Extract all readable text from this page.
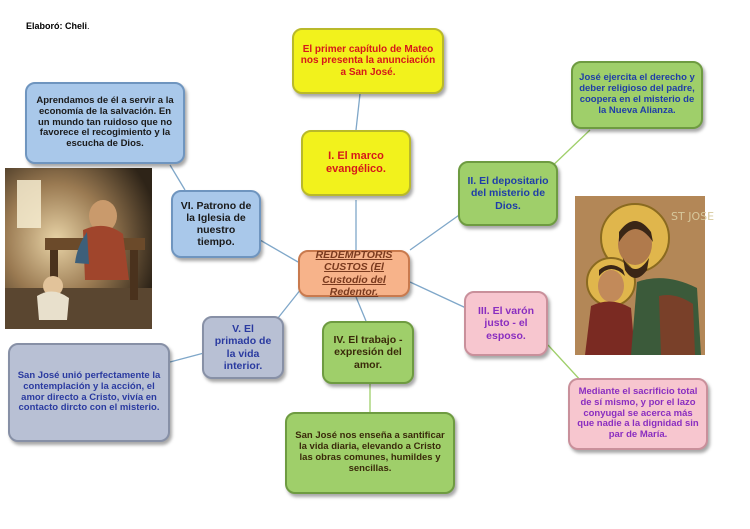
Elaboró: Cheli.
ST JOSE
REDEMPTORIS CUSTOS (El Custodio del Redentor.
I. El marco evangélico.
El primer capítulo de Mateo nos presenta la anunciación a San José.
II. El depositario del misterio de Dios.
José ejercita el derecho y deber religioso del padre, coopera en el misterio de la Nueva Alianza.
III. El varón justo - el esposo.
Mediante el sacrificio total de sí mismo, y por el lazo conyugal se acerca más que nadie a la dignidad sin par de María.
IV. El trabajo - expresión del amor.
San José nos enseña a santificar la vida diaria, elevando a Cristo las obras comunes, humildes y sencillas.
V. El primado de la vida interior.
San José unió perfectamente la contemplación y la acción, el amor directo a Cristo, vivía en contacto dircto con el misterio.
VI. Patrono de la Iglesia de nuestro tiempo.
Aprendamos de él a servir a la economía de la salvación. En un mundo tan ruidoso que no favorece el recogimiento y la escucha de Dios.
